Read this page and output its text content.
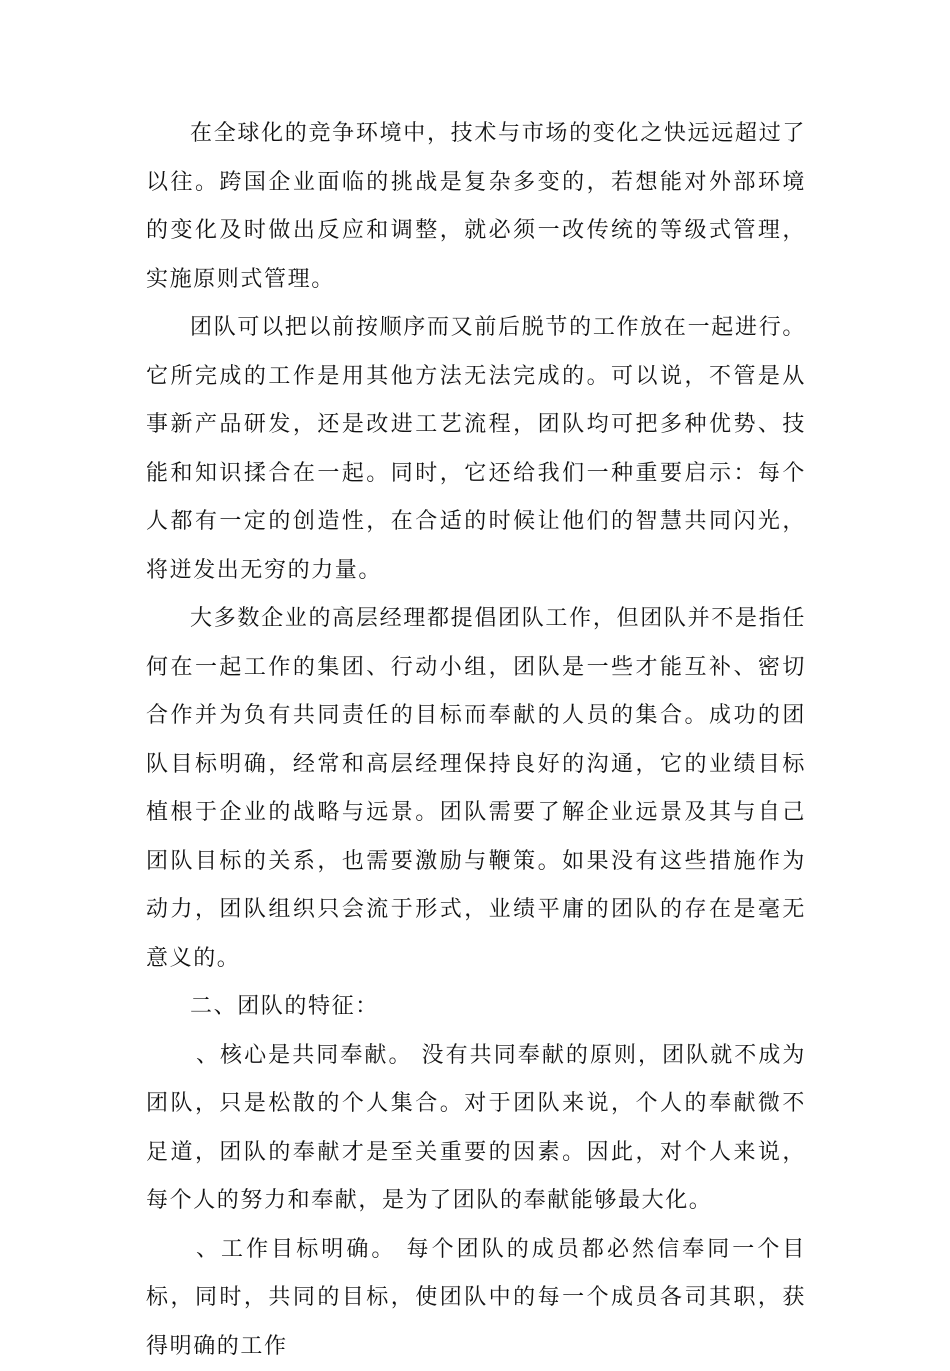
在全球化的竞争环境中，技术与市场的变化之快远远超过了以往。跨国企业面临的挑战是复杂多变的，若想能对外部环境的变化及时做出反应和调整，就必须一改传统的等级式管理，实施原则式管理。

团队可以把以前按顺序而又前后脱节的工作放在一起进行。它所完成的工作是用其他方法无法完成的。可以说，不管是从事新产品研发，还是改进工艺流程，团队均可把多种优势、技能和知识揉合在一起。同时，它还给我们一种重要启示：每个人都有一定的创造性，在合适的时候让他们的智慧共同闪光，将迸发出无穷的力量。

大多数企业的高层经理都提倡团队工作，但团队并不是指任何在一起工作的集团、行动小组，团队是一些才能互补、密切合作并为负有共同责任的目标而奉献的人员的集合。成功的团队目标明确，经常和高层经理保持良好的沟通，它的业绩目标植根于企业的战略与远景。团队需要了解企业远景及其与自己团队目标的关系，也需要激励与鞭策。如果没有这些措施作为动力，团队组织只会流于形式，业绩平庸的团队的存在是毫无意义的。

二、团队的特征：

、核心是共同奉献。 没有共同奉献的原则，团队就不成为团队，只是松散的个人集合。对于团队来说，个人的奉献微不足道，团队的奉献才是至关重要的因素。因此，对个人来说，每个人的努力和奉献，是为了团队的奉献能够最大化。

、工作目标明确。 每个团队的成员都必然信奉同一个目标，同时，共同的目标，使团队中的每一个成员各司其职，获得明确的工作
